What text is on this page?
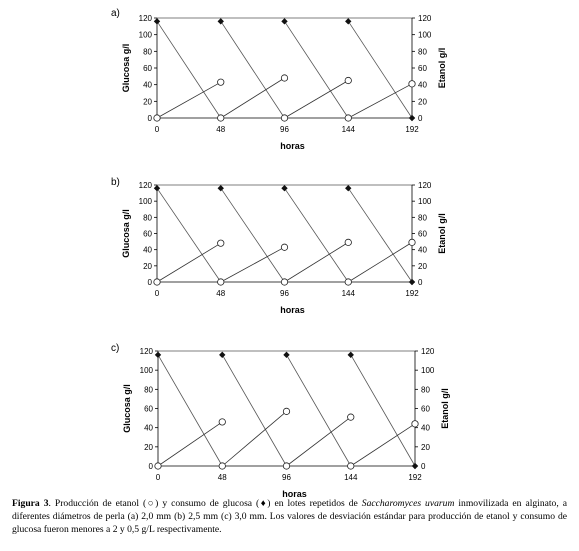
a)
0	0
20	20
40	40
60	60
80	80
100	100
120	120
0	48	96	144	192
horas
Glucosa g/l	Etanol g/l
b)
0	0
20	20
40	40
60	60
80	80
100	100
120	120
0	48	96	144	192
horas
Glucosa g/l	Etanol g/l
c)
0	0
20	20
40	40
60	60
80	80
100	100
120	120
0	48	96	144	192
horas
Glucosa g/l	Etanol g/l
Figura 3. Producción de etanol (○) y consumo de glucosa (♦) en lotes repetidos de Saccharomyces uvarum inmovilizada en alginato, a diferentes diámetros de perla (a) 2,0 mm (b) 2,5 mm (c) 3,0 mm. Los valores de desviación estándar para producción de etanol y consumo de glucosa fueron menores a 2 y 0,5 g/L respectivamente.
